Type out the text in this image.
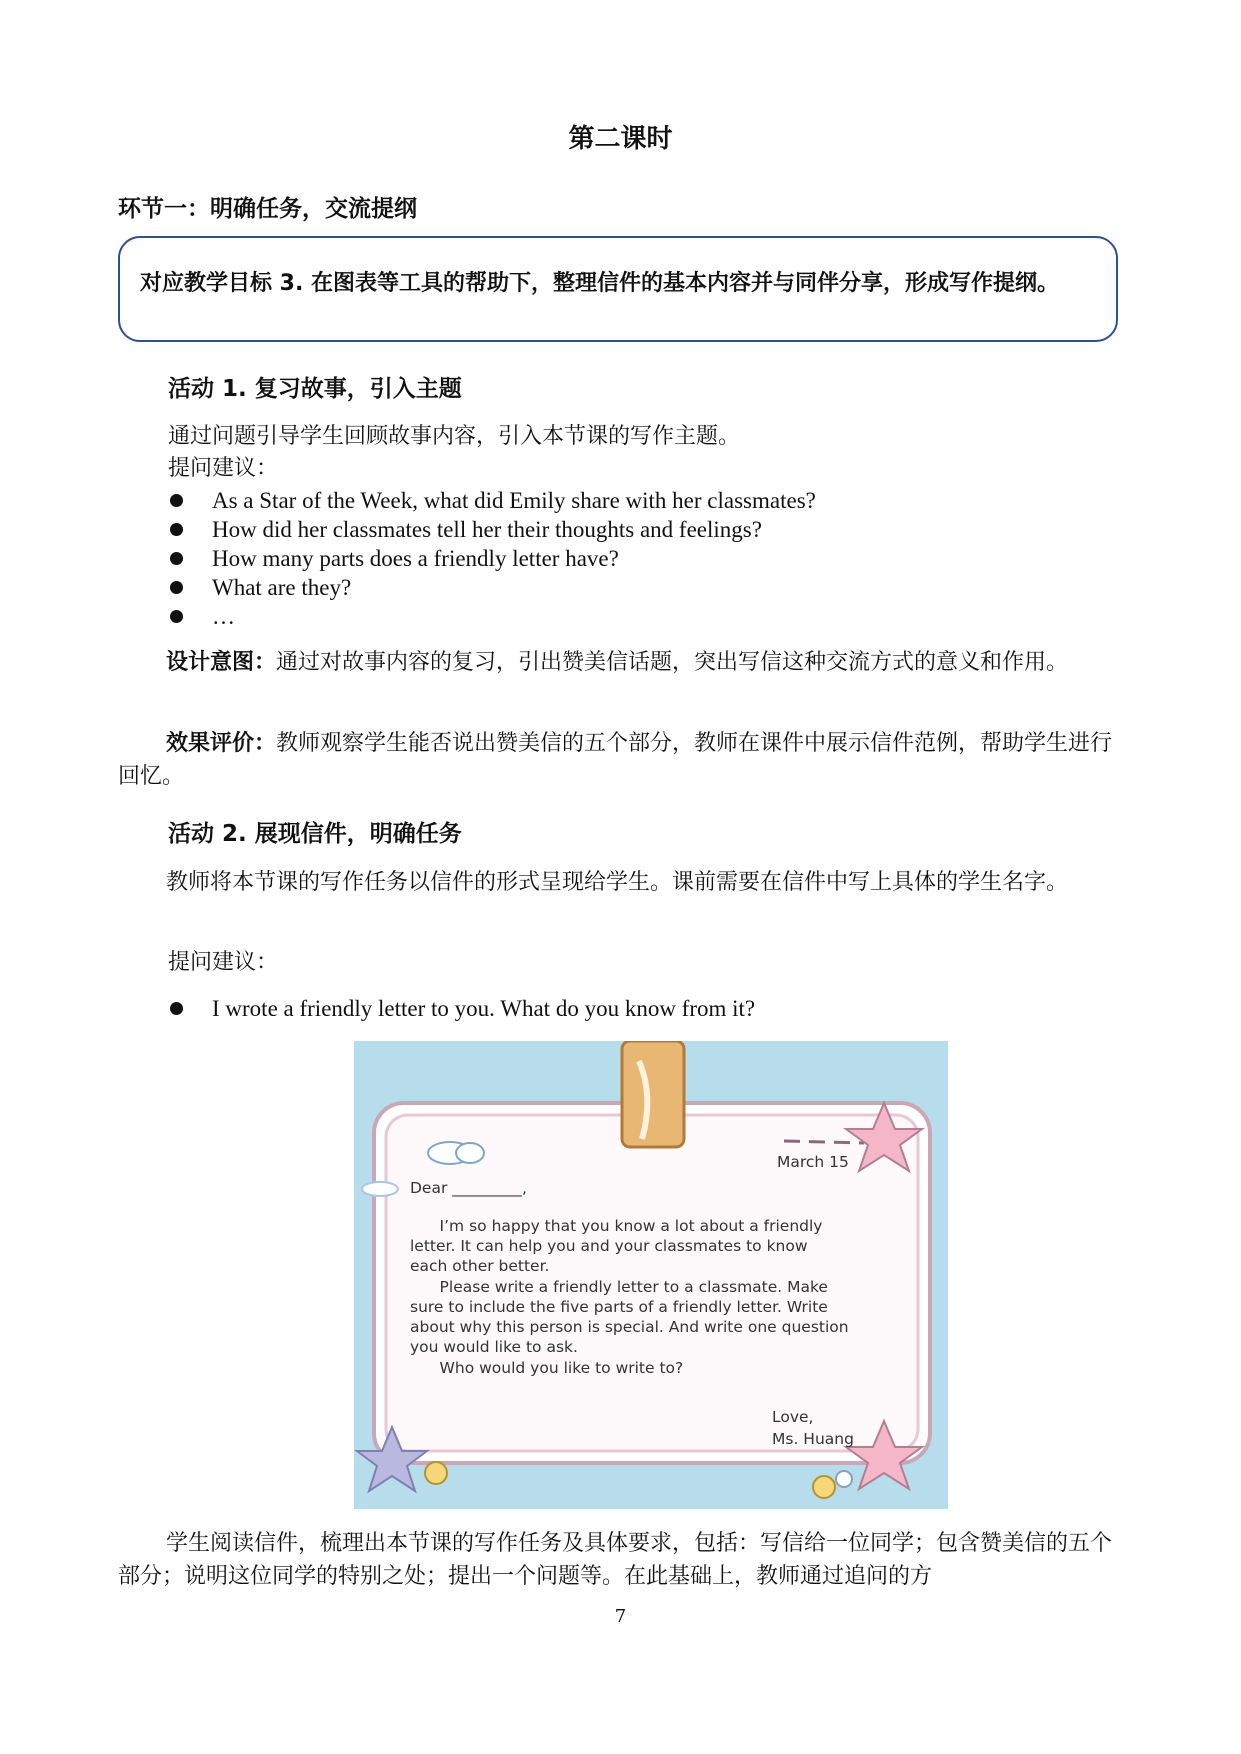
第二课时
环节一：明确任务，交流提纲
对应教学目标 3. 在图表等工具的帮助下，整理信件的基本内容并与同伴分享，形成写作提纲。
活动 1. 复习故事，引入主题
通过问题引导学生回顾故事内容，引入本节课的写作主题。
提问建议：
As a Star of the Week, what did Emily share with her classmates?
How did her classmates tell her their thoughts and feelings?
How many parts does a friendly letter have?
What are they?
…
设计意图：通过对故事内容的复习，引出赞美信话题，突出写信这种交流方式的意义和作用。
效果评价：教师观察学生能否说出赞美信的五个部分，教师在课件中展示信件范例，帮助学生进行回忆。
活动 2. 展现信件，明确任务
教师将本节课的写作任务以信件的形式呈现给学生。课前需要在信件中写上具体的学生名字。
提问建议：
I wrote a friendly letter to you. What do you know from it?
March 15
Dear _________,
I’m so happy that you know a lot about a friendly
letter. It can help you and your classmates to know
each other better.
Please write a friendly letter to a classmate. Make
sure to include the five parts of a friendly letter. Write
about why this person is special. And write one question
you would like to ask.
Who would you like to write to?
Love,
Ms. Huang
学生阅读信件，梳理出本节课的写作任务及具体要求，包括：写信给一位同学；包含赞美信的五个部分；说明这位同学的特别之处；提出一个问题等。在此基础上，教师通过追问的方
7
